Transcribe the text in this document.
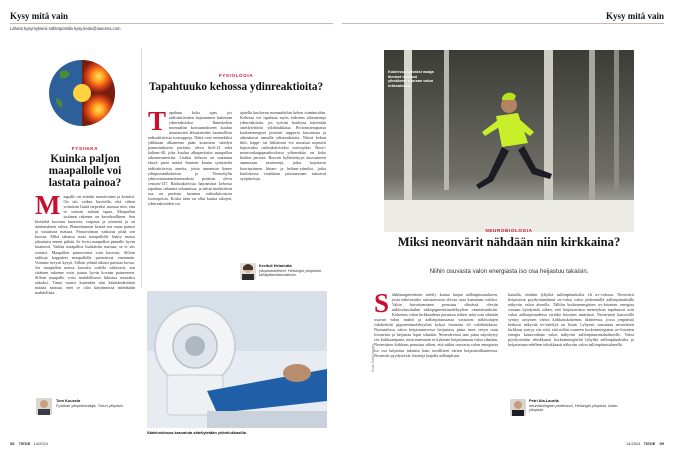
Kysy mitä vain
Lähetä kysymyksesi sähköpostilla kysy.tiede@sanoma.com
FYSIIKKA
Kuinka paljon maapallolle voi lastata painoa?
M aapallo on erittäin massiivinen ja kestävä. On siis vaikea kuvitella, että siihen voitaisiin lisätä tarpeeksi massaa niin, että se sortuisi mitään tapaa. Maapallon sisäinen rakenne on kerroksellinen. Sen kivikehä koostuu kuoresta, vaipasta ja ytimestä ja on äärimmäisen vahva. Planeettamme kestää sen omaa painoa ja vastaavaa massaa. Pamovoiman vaikutus pitää sen koossa. Mikä tahansa suuri maapallolle lisätty massa jakautuisi ennen pitkää. Se levisi maapallon pinnalle hyvin tasaisesti. Vaikka maapalloa lisättäisiin massaa, se ei siis sortuisi. Maapallon pamovoima vain kasvaisi. Silloin sakkoja kappaleet maapallolla painaisivat enemmän. Voimme tietysti kysyä. Silloin ydintä alkaisi puristaa kovaa. Jos maapallon massa kasvaisi todella valtavasti, sen sisäinen rakenne voisi joutua hyvin kovaan paineeseen. Silloin maapallo voisi mahdollisesti luhistua mustaksi aukoksi. Tämä vaatisi kuitenkin niin käsittämättömiä määriä massaa, ettei se olisi käytännössä mitenkään mahdollista.
Tom Kuusela
Fysiikan yliopistotutkija, Turun yliopisto.
FYSIOLOGIA
Tapahtuuko kehossa ydinreaktioita?
T apahtuu koko ajan, jos radioaktiivinen hajoaminen lasketaan ydinreaktioksi. Ihmiskehon normaaliin koostumukseen kuuluu muutamien alkuaineiden luonnollisia radioaktiivisia isotooppeja. Näitä ovat esimerkiksi ydikkaan alkaneena pään kosmisen säteilyn pommituksesta peräisin oleva hiili-14 sekä kalium-40, joka kuuluu alkuperäisiin maapallon rakenneaineisiin. Lisäksi kehoon on saattanut eksyä pieni määrä ihmisen kautta syntyneitä radioaktiivisia aineita, joista tunnetuin lienee ydinpommikokeista ja Tšernobylin ydinvoimaonnettomuudesta peräisin oleva cesium-137. Radioaktiivisia hajoamisia kehossa tapahtuu tuhansia sekunnissa, ja niistä merkittävin osa on peräisin luonnon radioaktiivisista isotoopeista. Koska näin on ollut kautta aikojen, ydinreaktioiden voi
ajatella kuuluvan normaaleihin kehon toimintoihin. Kehossa voi tapahtua myös erikseen aiheutettuja ydinreaktioita, jos syövän hoidossa käytetään säteilytettäviä ydinhiukkasia. Protonisterapiassa korkeaenergiset protonit tappavat kasvaimia ja aiheuttavat samalla ydinreaktioita. Niissä kehon hiili, happi- tai hiiliatomi voi muuttua nopeasti hajoavaksi radioaktiiviseksi isotoopiksi. Boori-neutronikaappaushoidossa ydinreaktio on koko hoidon peruste. Booriin kyllästettyyn kasvaimeen ammutaan neutroneja, jotka hajottavat boorinytimen litium- ja helium-ytimiksi, jotka kuolokessa vauhtiaan jaruttaessaan tuhoavat syöpäsoluja.
Kerttuli Helariutta
yliopistonlehtori, Helsingin yliopiston kiihdyttimölaboratorio.
Sädehoidossa kasvainta säteilytetään ydinhiukkasilla.
58 TIEDE 14/2024
Kysy mitä vain
Kokeessa kuivaksi maaja ihmiset nostivat ylimäkeen suoraan valon eräsvalossa.
Kuva: Getty Images
NEUROBIOLOGIA
Miksi neonvärit nähdään niin kirkkaina?
Niihin osuvasta valon energiasta iso osa heijastuu takaisin.
S ähkömagneettinen säteily kattaa laajan aallonpituusalueen, josta näkövastike aistiastavasta olevaa osaa kutsutaan valoksi. Valon havaitseminen perustuu silmässä oleviin näkösolusoluihin näköpigmenttimolekyylien ominaisuuksiin. Kokemus valon kirkkaudesta perustuu siihen, mitä osin silmään osuvan valon määrä ja aallonpituusaasta vastaavat näkösolujen valoherkiin pigmentimolekyylien kykyä fotoneita eli valohiukkasia. Normaalissa valon heijastumisessa heijastava pinta imee tietyn osan fotoneista ja heijastaa loput silmään. Neonväreissä taas pinta näyttäytyy siis kirkkaampana, mitä enemmän se kykenee heijastamaan valoa silmään. Neonvärien kirkkaus perustuu siihen, että niihin osuvasta valon energiasta iso osa heijastuu takaisin kuin tavallisten värien heijastusdilanteessa. Neonväri pyydystävät fotoneja laajalta aallonpituus
kastalla, etenkin lyhyiltä aallonpituuksilta eli uv-valossa. Neonvärit heijastavat pyydystämäänsä uv-valoa valoa pidemmillä aallonpituuksilla näkyvän valon alueella. Tällöin korkeaenergisten uv-fotonien energiaa vastaan hyödyntää siihen, että heijastuvassa menetykset tapahtuvat osin valon aallonpituudessa eivätkä fotonien määrässä. Neonväreji katsovalle syntyy arityisen vahva kirkkauskokemus tilanteessa, jossa ympäristä heikosti näkyvää uv-säteilyä on lisinä. Lyhyesti sanottuna neonvärien kirkkaus syntyy siis siitä, että niihin osuneen korkeaenergisten uv-fotonien energia kanavoidaan valon näkyvän aallonpituusmalualueelle. Valoa pyydystetään tehokkaasti korkeaenergisiltä lyhyiltä aallonpituuksilta ja heijastetaan edelleen tehokkaasti näkyvän valon aallonpituusalueella.
Petri Ala-Laurila
neurobiologian professori, Helsingin yliopisto, Aalto-yliopisto.
14/2024 TIEDE 59
